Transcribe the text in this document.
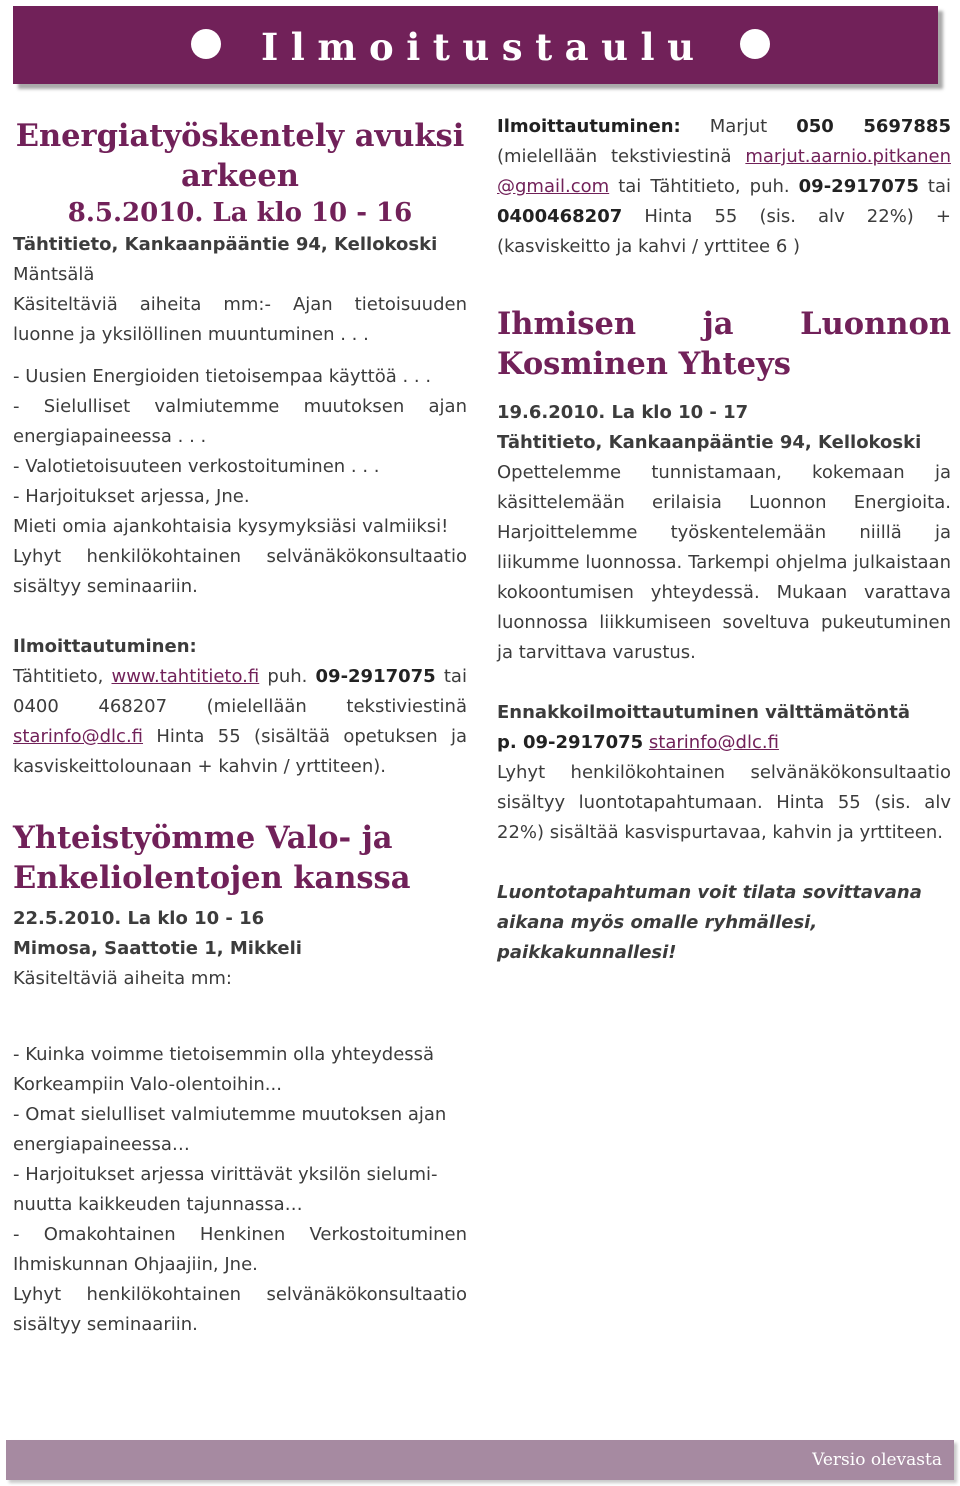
Ilmoitustaulu
Energiatyöskentely avuksi arkeen
8.5.2010. La klo 10 - 16

Tähtitieto, Kankaanpääntie 94, Kellokoski

Mäntsälä

Käsiteltäviä aiheita mm:- Ajan tietoisuuden luonne ja yksilöllinen muuntuminen . . .

- Uusien Energioiden tietoisempaa käyttöä . . .

- Sielulliset valmiutemme muutoksen ajan energiapaineessa . . .

- Valotietoisuuteen verkostoituminen . . .

- Harjoitukset arjessa, Jne.

Mieti omia ajankohtaisia kysymyksiäsi valmiiksi!

Lyhyt henkilökohtainen selvänäkökonsultaatio sisältyy seminaariin.

Ilmoittautuminen:

Tähtitieto, www.tahtitieto.fi puh. 09-2917075 tai 0400 468207 (mielellään tekstiviestinä starinfo@dlc.fi Hinta 55 (sisältää opetuksen ja kasviskeittolounaan + kahvin / yrttiteen).

Yhteistyömme Valo- ja Enkeliolentojen kanssa

22.5.2010. La klo 10 - 16

Mimosa, Saattotie 1, Mikkeli

Käsiteltäviä aiheita mm:

- Kuinka voimme tietoisemmin olla yhteydessä Korkeampiin Valo-olentoihin...

- Omat sielulliset valmiutemme muutoksen ajan energiapaineessa…

- Harjoitukset arjessa virittävät yksilön sieluminuutta kaikkeuden tajunnassa…

- Omakohtainen Henkinen Verkostoituminen Ihmiskunnan Ohjaajiin, Jne.

Lyhyt henkilökohtainen selvänäkökonsultaatio sisältyy seminaariin.

Ilmoittautuminen: Marjut 050 5697885 (mielellään tekstiviestinä marjut.aarnio.pitkanen@gmail.com tai Tähtitieto, puh. 09-2917075 tai 0400468207 Hinta 55 (sis. alv 22%) + (kasviskeitto ja kahvi / yrttitee 6 )

Ihmisen ja Luonnon Kosminen Yhteys

19.6.2010. La klo 10 - 17

Tähtitieto, Kankaanpääntie 94, Kellokoski

Opettelemme tunnistamaan, kokemaan ja käsittelemään erilaisia Luonnon Energioita. Harjoittelemme työskentelemään niillä ja liikumme luonnossa. Tarkempi ohjelma julkaistaan kokoontumisen yhteydessä. Mukaan varattava luonnossa liikkumiseen soveltuva pukeutuminen ja tarvittava varustus.

Ennakkoilmoittautuminen välttämätöntä

p. 09-2917075 starinfo@dlc.fi

Lyhyt henkilökohtainen selvänäkökonsultaatio sisältyy luontotapahtumaan. Hinta 55 (sis. alv 22%) sisältää kasvispurtavaa, kahvin ja yrttiteen.

Luontotapahtuman voit tilata sovittavana aikana myös omalle ryhmällesi, paikkakunnallesi!

Versio olevasta
